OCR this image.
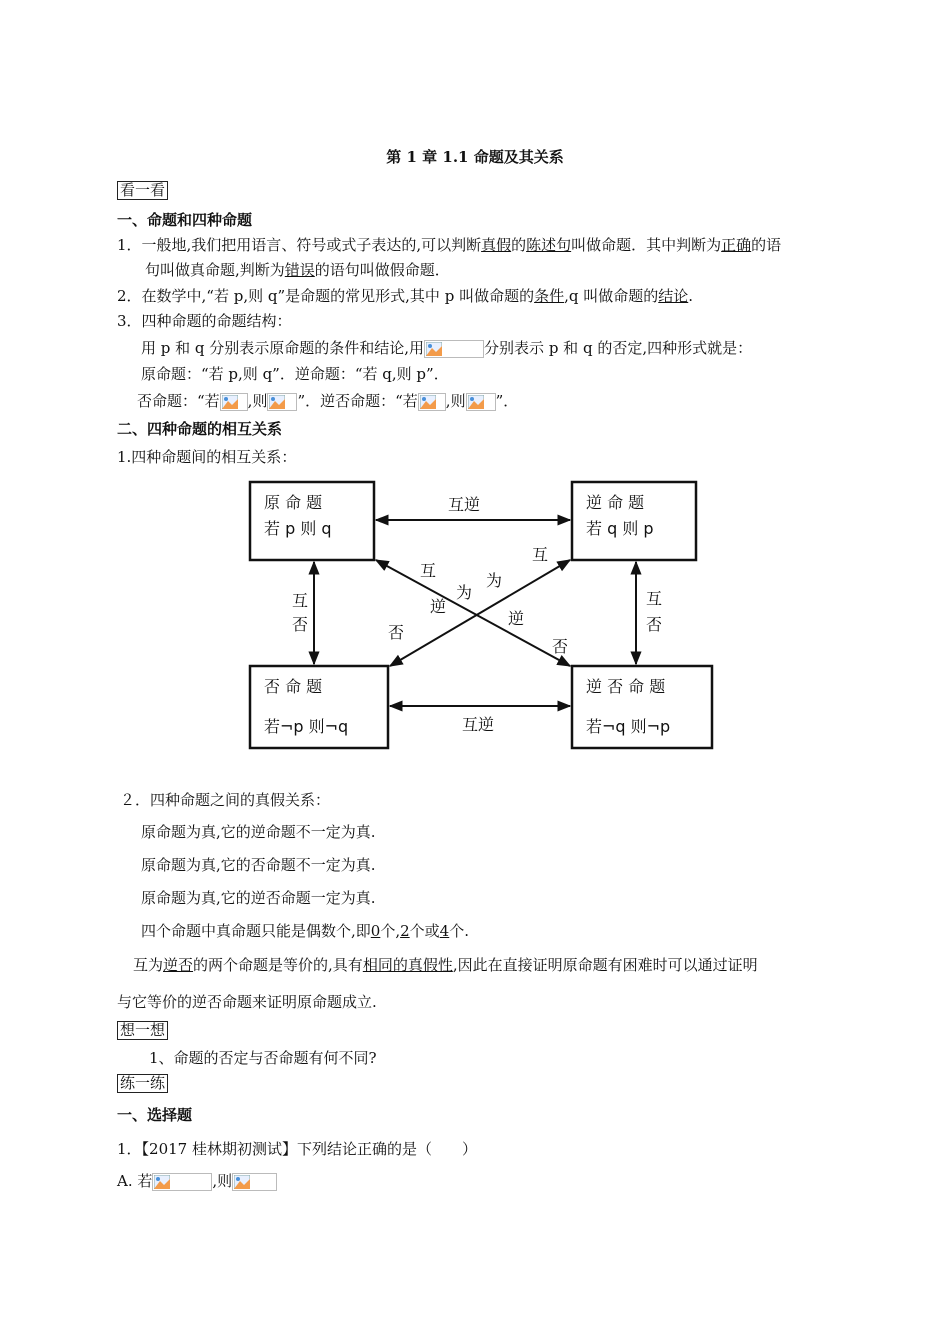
第 1 章 1.1 命题及其关系
看一看
一、命题和四种命题
1．一般地,我们把用语言、符号或式子表达的,可以判断真假的陈述句叫做命题．其中判断为正确的语
句叫做真命题,判断为错误的语句叫做假命题．
2．在数学中,“若 p,则 q”是命题的常见形式,其中 p 叫做命题的条件,q 叫做命题的结论.
3．四种命题的命题结构：
用 p 和 q 分别表示原命题的条件和结论,用	分别表示 p 和 q 的否定,四种形式就是：
原命题：“若 p,则 q”．逆命题：“若 q,则 p”．
否命题：“若 ,则 ”．逆否命题：“若 ,则 ”．
二、四种命题的相互关系
1.四种命题间的相互关系：
原 命 题
若 p 则 q
逆 命 题
若 q 则 p
否 命 题
若¬p 则¬q
逆 否 命 题
若¬q 则¬p
互逆
互逆
互
否
互
否
互
为
逆
否
互
为
逆
否
２．四种命题之间的真假关系：
原命题为真,它的逆命题不一定为真.
原命题为真,它的否命题不一定为真.
原命题为真,它的逆否命题一定为真.
四个命题中真命题只能是偶数个,即0个,2个或4个.
互为逆否的两个命题是等价的,具有相同的真假性,因此在直接证明原命题有困难时可以通过证明
与它等价的逆否命题来证明原命题成立.
想一想
1、命题的否定与否命题有何不同?
练一练
一、选择题
1．【2017 桂林期初测试】下列结论正确的是（　　）
A. 若	,则
